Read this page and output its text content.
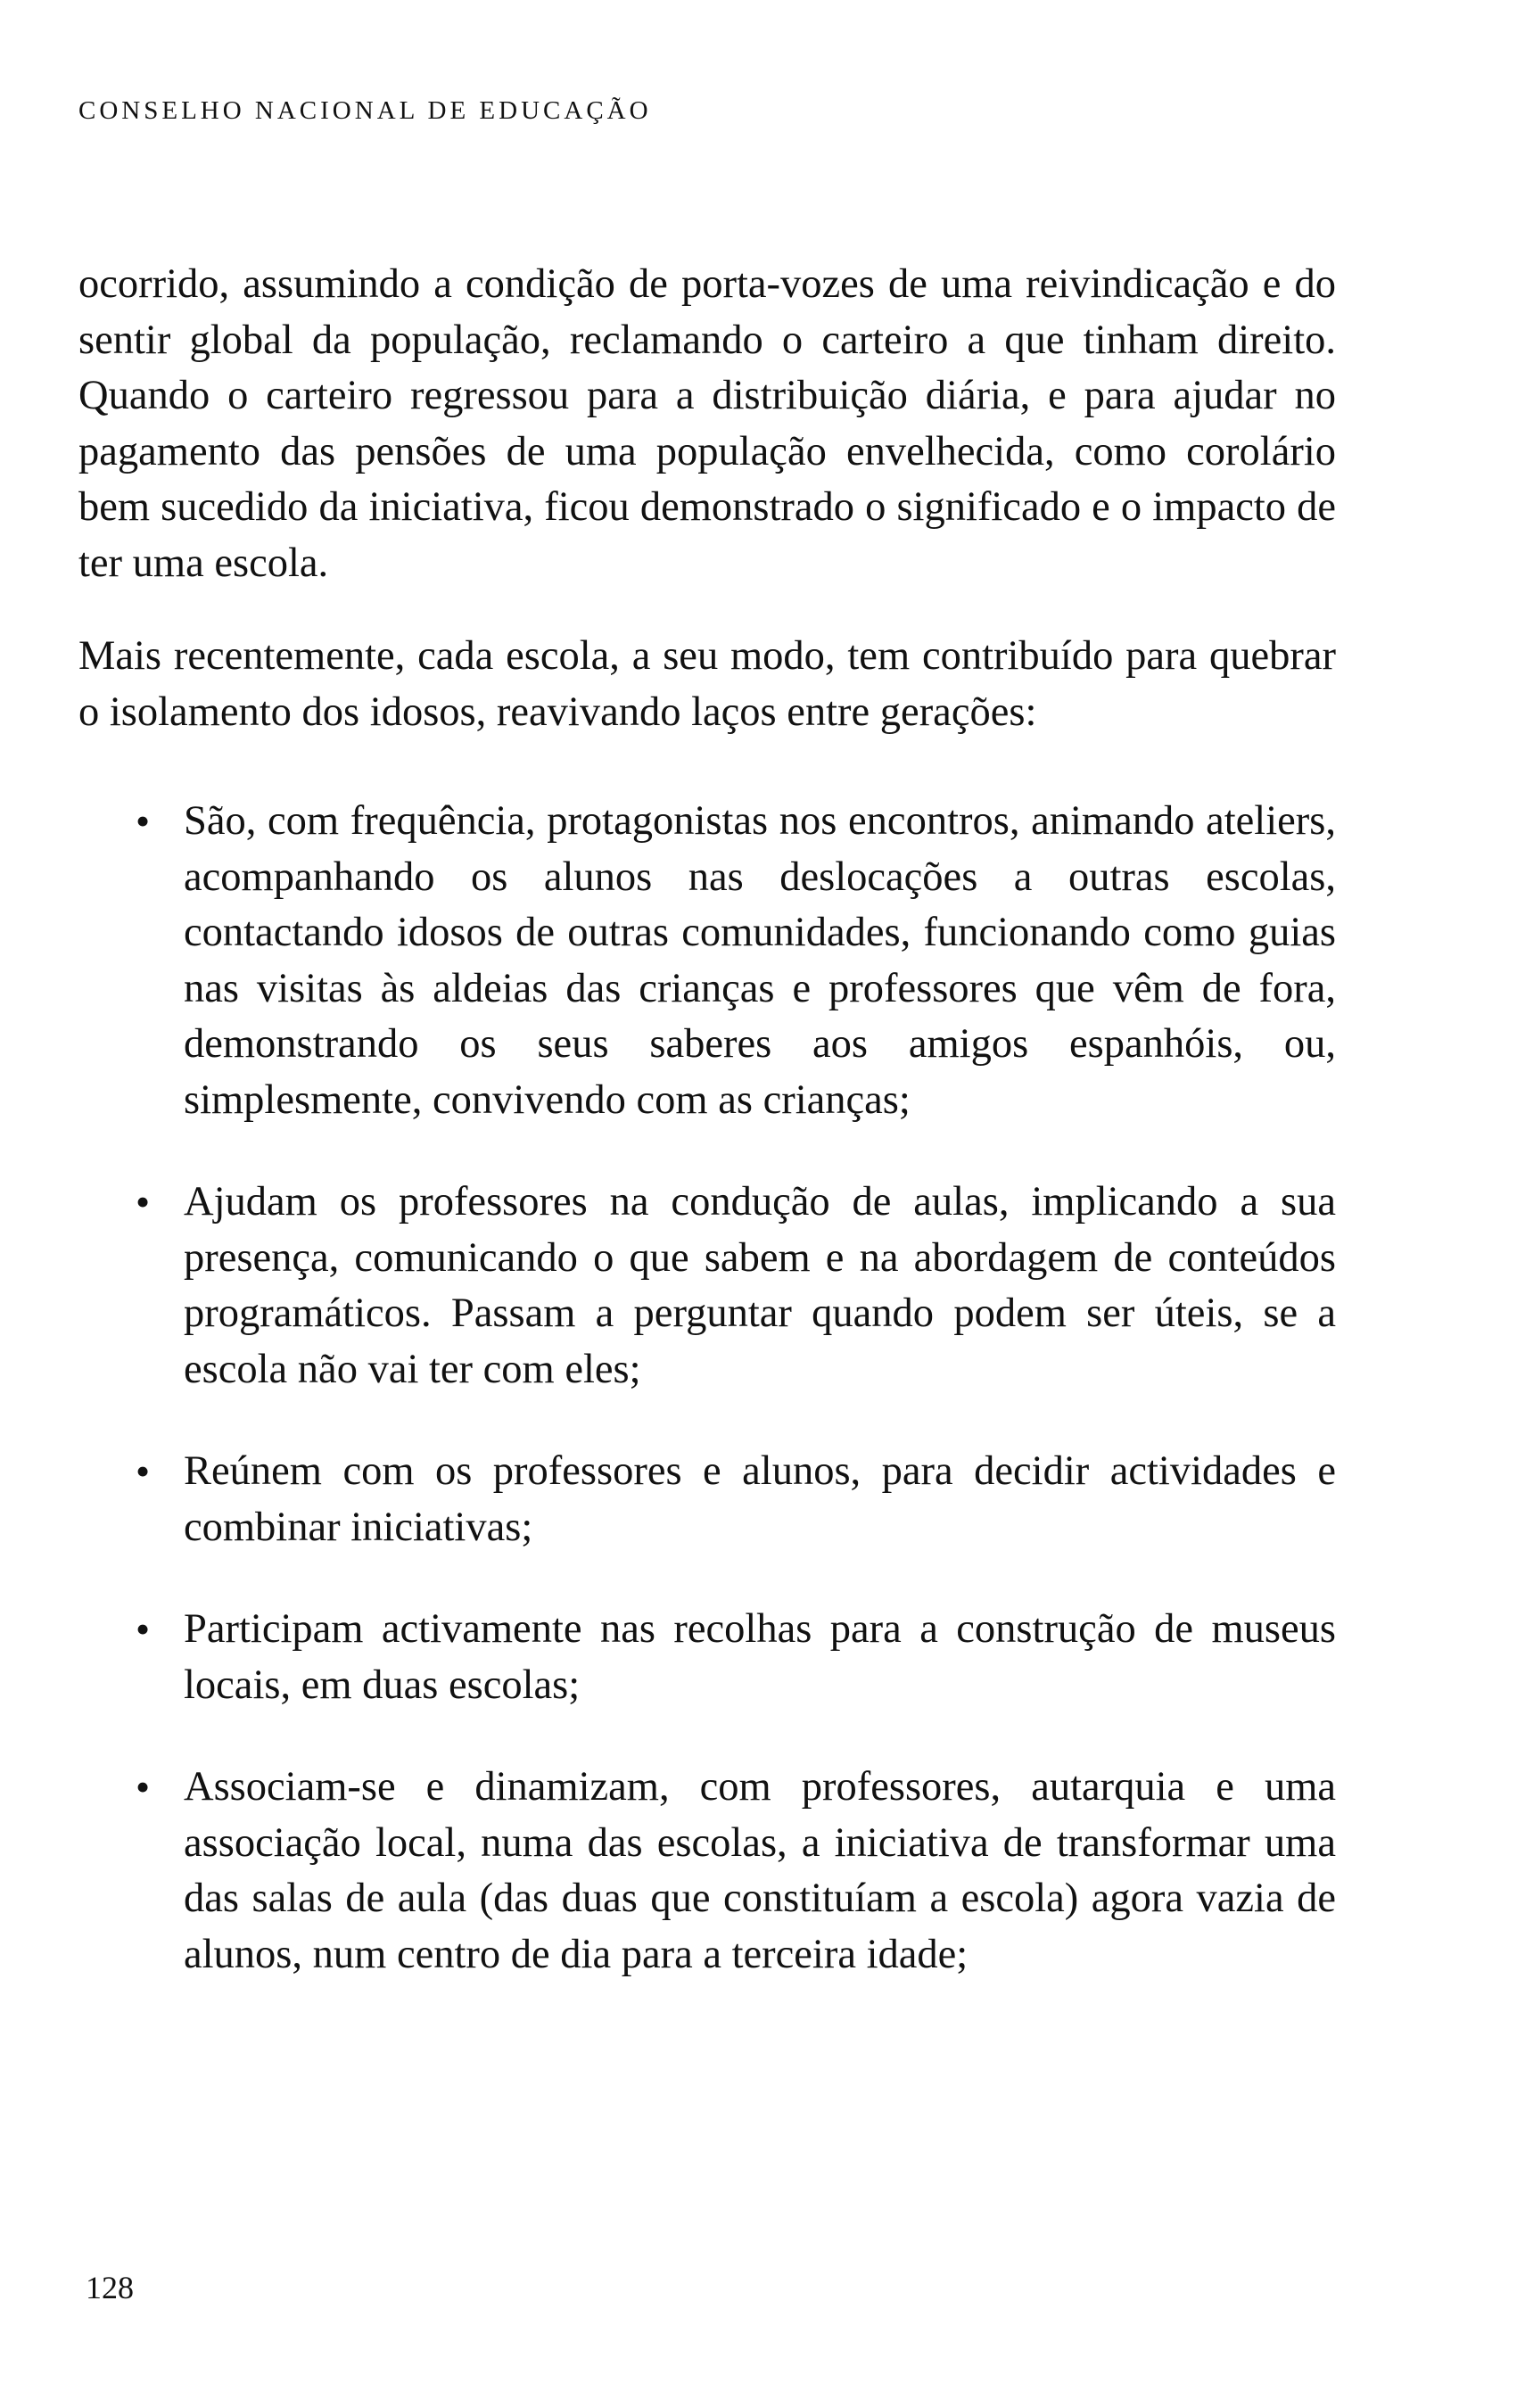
CONSELHO NACIONAL DE EDUCAÇÃO

ocorrido, assumindo a condição de porta-vozes de uma reivindicação e do sentir global da população, reclamando o carteiro a que tinham direito. Quando o carteiro regressou para a distribuição diária, e para ajudar no pagamento das pensões de uma população envelhecida, como corolário bem sucedido da iniciativa, ficou demonstrado o significado e o impacto de ter uma escola.

Mais recentemente, cada escola, a seu modo, tem contribuído para quebrar o isolamento dos idosos, reavivando laços entre gerações:

• São, com frequência, protagonistas nos encontros, animando ateliers, acompanhando os alunos nas deslocações a outras escolas, contactando idosos de outras comunidades, funcionando como guias nas visitas às aldeias das crianças e professores que vêm de fora, demonstrando os seus saberes aos amigos espanhóis, ou, simplesmente, convivendo com as crianças;
• Ajudam os professores na condução de aulas, implicando a sua presença, comunicando o que sabem e na abordagem de conteúdos programáticos. Passam a perguntar quando podem ser úteis, se a escola não vai ter com eles;
• Reúnem com os professores e alunos, para decidir actividades e combinar iniciativas;
• Participam activamente nas recolhas para a construção de museus locais, em duas escolas;
• Associam-se e dinamizam, com professores, autarquia e uma associação local, numa das escolas, a iniciativa de transformar uma das salas de aula (das duas que constituíam a escola) agora vazia de alunos, num centro de dia para a terceira idade;
128
